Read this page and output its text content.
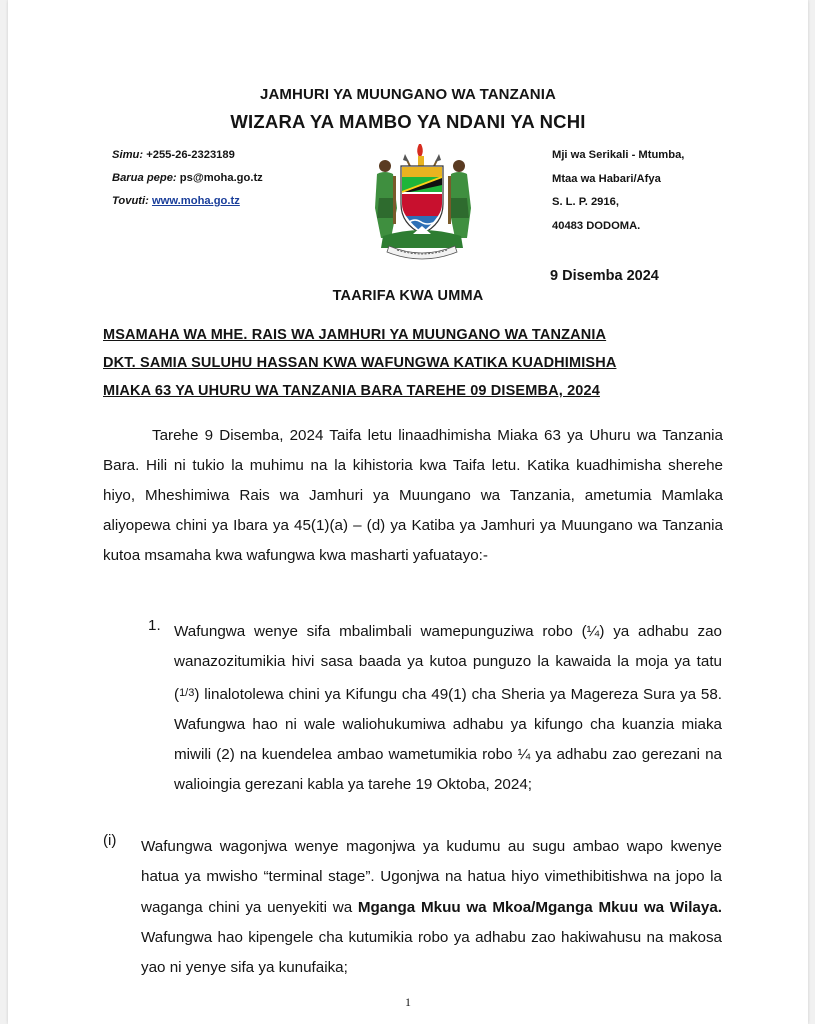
JAMHURI YA MUUNGANO WA TANZANIA
WIZARA YA MAMBO YA NDANI YA NCHI
Simu: +255-26-2323189
Barua pepe: ps@moha.go.tz
Tovuti: www.moha.go.tz
Mji wa Serikali - Mtumba,
Mtaa wa Habari/Afya
S. L. P. 2916,
40483 DODOMA.
9 Disemba 2024
TAARIFA KWA UMMA
MSAMAHA WA MHE. RAIS WA JAMHURI YA MUUNGANO WA TANZANIA
DKT. SAMIA SULUHU HASSAN KWA WAFUNGWA KATIKA KUADHIMISHA
MIAKA 63 YA UHURU WA TANZANIA BARA TAREHE 09 DISEMBA, 2024
Tarehe 9 Disemba, 2024 Taifa letu linaadhimisha Miaka 63 ya Uhuru wa Tanzania Bara. Hili ni tukio la muhimu na la kihistoria kwa Taifa letu. Katika kuadhimisha sherehe hiyo, Mheshimiwa Rais wa Jamhuri ya Muungano wa Tanzania, ametumia Mamlaka aliyopewa chini ya Ibara ya 45(1)(a) – (d) ya Katiba ya Jamhuri ya Muungano wa Tanzania kutoa msamaha kwa wafungwa kwa masharti yafuatayo:-
1. Wafungwa wenye sifa mbalimbali wamepunguziwa robo (¼) ya adhabu zao wanazozitumikia hivi sasa baada ya kutoa punguzo la kawaida la moja ya tatu (1/3) linalotolewa chini ya Kifungu cha 49(1) cha Sheria ya Magereza Sura ya 58. Wafungwa hao ni wale waliohukumiwa adhabu ya kifungo cha kuanzia miaka miwili (2) na kuendelea ambao wametumikia robo ¼ ya adhabu zao gerezani na walioingia gerezani kabla ya tarehe 19 Oktoba, 2024;
(i) Wafungwa wagonjwa wenye magonjwa ya kudumu au sugu ambao wapo kwenye hatua ya mwisho “terminal stage”. Ugonjwa na hatua hiyo vimethibitishwa na jopo la waganga chini ya uenyekiti wa Mganga Mkuu wa Mkoa/Mganga Mkuu wa Wilaya. Wafungwa hao kipengele cha kutumikia robo ya adhabu zao hakiwahusu na makosa yao ni yenye sifa ya kunufaika;
1
